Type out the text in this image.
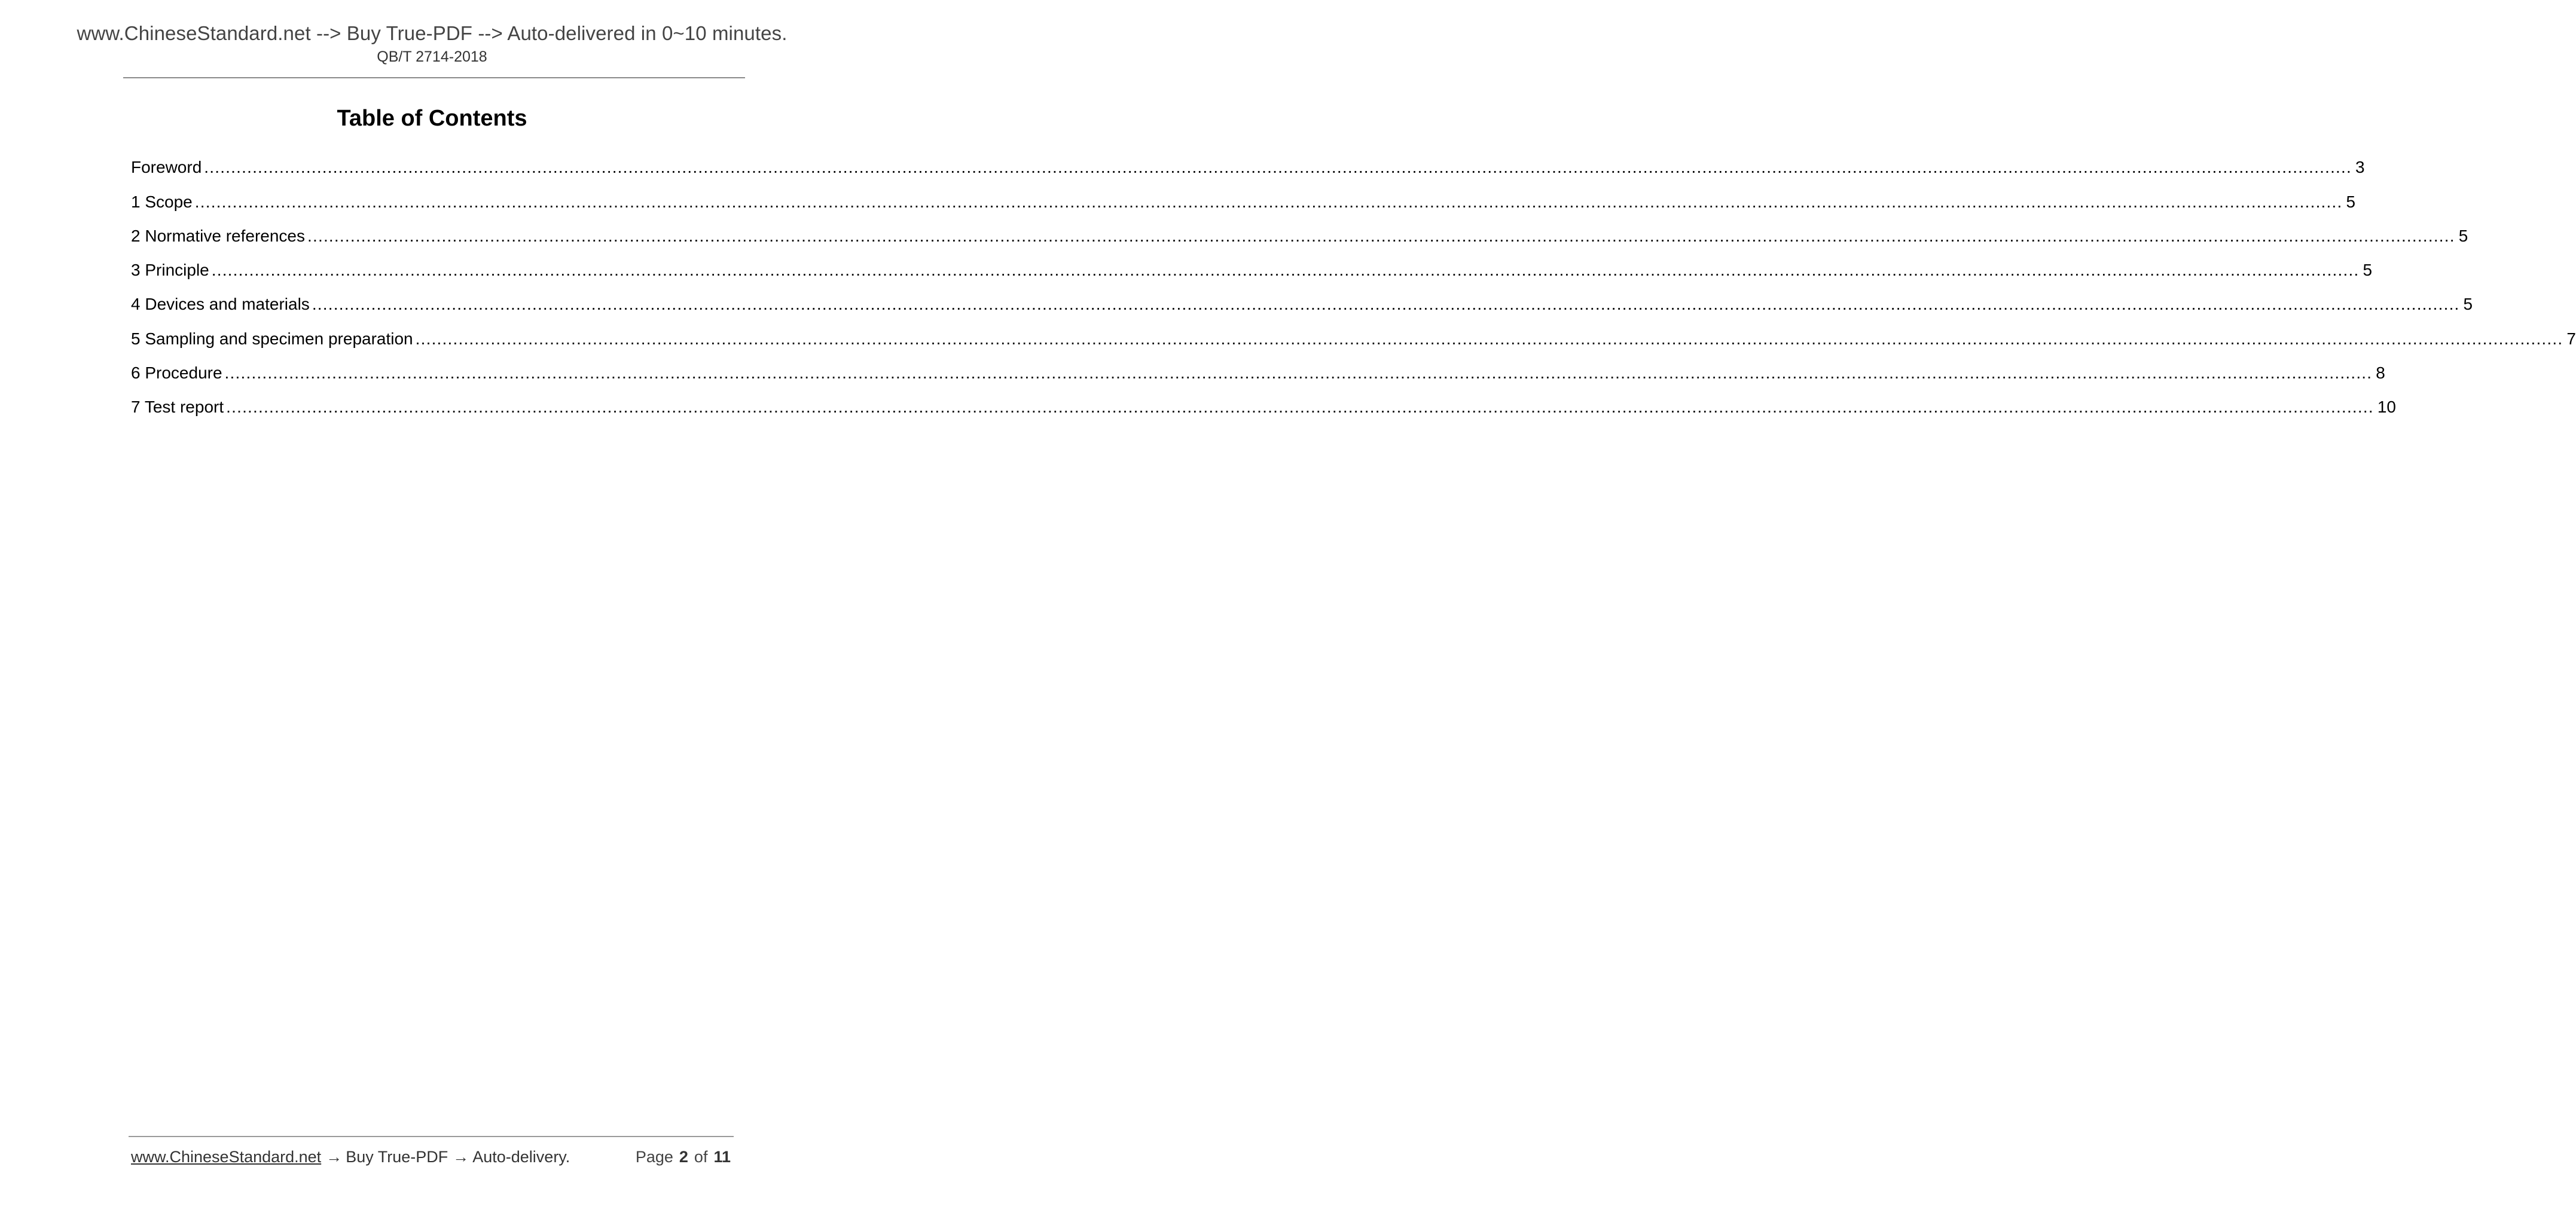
www.ChineseStandard.net --> Buy True-PDF --> Auto-delivered in 0~10 minutes.
QB/T 2714-2018
Table of Contents
Foreword ................................................................................................................................................................................................................................................................................................................................................................................................................ 3
1 Scope ................................................................................................................................................................................................................................................................................................................................................................................................................ 5
2 Normative references ................................................................................................................................................................................................................................................................................................................................................................................................................ 5
3 Principle ................................................................................................................................................................................................................................................................................................................................................................................................................ 5
4 Devices and materials ................................................................................................................................................................................................................................................................................................................................................................................................................ 5
5 Sampling and specimen preparation ................................................................................................................................................................................................................................................................................................................................................................................................................ 7
6 Procedure ................................................................................................................................................................................................................................................................................................................................................................................................................ 8
7 Test report ................................................................................................................................................................................................................................................................................................................................................................................................................ 10
www.ChineseStandard.net → Buy True-PDF → Auto-delivery.	Page 2 of 11
